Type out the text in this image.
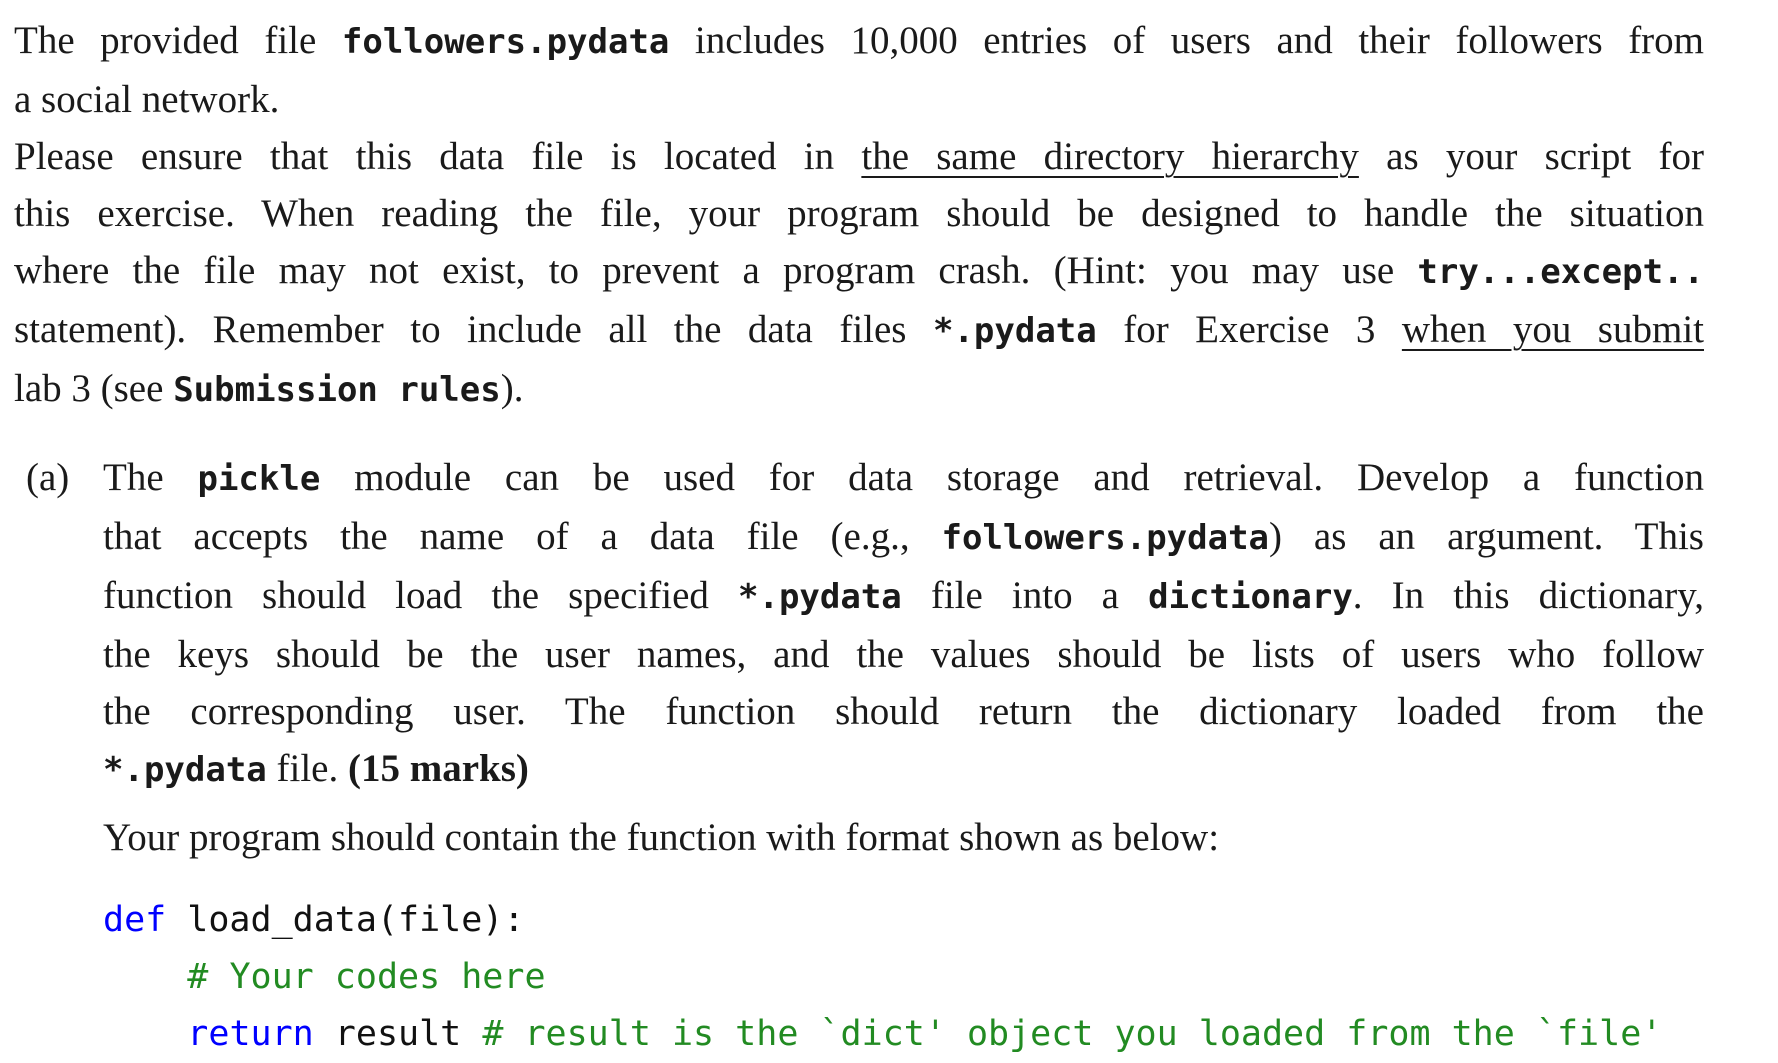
The provided file followers.pydata includes 10,000 entries of users and their followers from
a social network.
Please ensure that this data file is located in the same directory hierarchy as your script for
this exercise. When reading the file, your program should be designed to handle the situation
where the file may not exist, to prevent a program crash. (Hint: you may use try...except..
statement). Remember to include all the data files *.pydata for Exercise 3 when you submit
lab 3 (see Submission rules).
(a) The pickle module can be used for data storage and retrieval. Develop a function
that accepts the name of a data file (e.g., followers.pydata) as an argument. This
function should load the specified *.pydata file into a dictionary. In this dictionary,
the keys should be the user names, and the values should be lists of users who follow
the corresponding user. The function should return the dictionary loaded from the
*.pydata file. (15 marks)
Your program should contain the function with format shown as below:
def load_data(file):
# Your codes here
return result # result is the `dict' object you loaded from the `file'
